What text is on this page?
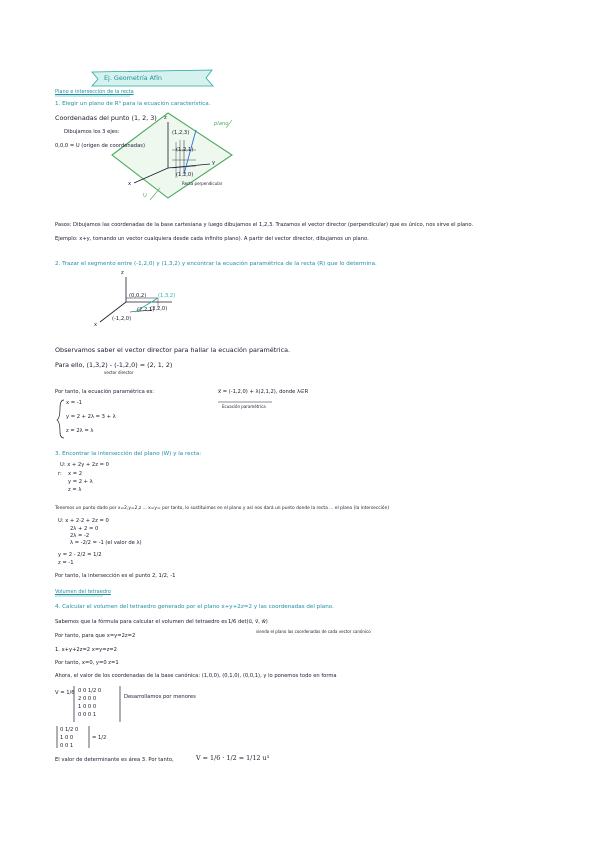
Ej. Geometría Afín
Plano e intersección de la recta
1. Elegir un plano de R³ para la ecuación característica.
Coordenadas del punto (1, 2, 3)
Dibujamos los 3 ejes:
0,0,0 = U (origen de coordenadas)
plano
(1,2,3)
(1,2,1)
z
y
x
U
(1,2,0)
Recta perpendicular
Pasos: Dibujamos las coordenadas de la base cartesiana y luego dibujamos el 1,2,3. Trazamos el vector director (perpendicular) que es único, nos sirve el plano.
Ejemplo: x+y, tomando un vector cualquiera desde cada infinito plano). A partir del vector director, dibujamos un plano.
2. Trazar el segmento entre (-1,2,0) y (1,3,2) y encontrar la ecuación paramétrica de la recta (R) que lo determina.
z
x
(0,0,2) (1,3,2)
(-1,2,0)
(3,2,0)
(2,2,1)
Observamos saber el vector director para hallar la ecuación paramétrica.
Para ello, (1,3,2) - (-1,2,0) = (2, 1, 2)
vector director
Por tanto, la ecuación paramétrica es:	x⃗ = (-1,2,0) + λ(2,1,2), donde λ∈R
Ecuación paramétrica
x = -1
y = 2 + 2λ = 3 + λ
z = 2λ = λ
3. Encontrar la intersección del plano (W) y la recta:
U: x + 2y + 2z = 0
r: x = 2
y = 2 + λ
z = λ
Tenemos un punto dado por x=2,y=2,z ... x=y= por tanto, lo sustituimos en el plano y así nos dará un punto donde la recta ... el plano (la intersección)
U: x + 2·2 + 2z = 0
2λ + 2 = 0
2λ = -2
λ = -2/2 = -1 (el valor de λ)
y = 2 - 2/2 = 1/2
z = -1
Por tanto, la intersección es el punto 2, 1/2, -1
Volumen del tetraedro
4. Calcular el volumen del tetraedro generado por el plano x+y+2z=2 y las coordenadas del plano.
Sabemos que la fórmula para calcular el volumen del tetraedro es 1/6 det(u⃗, v⃗, w⃗)
siendo el plano las coordenadas de cada vector canónico
Por tanto, para que x=y=2z=2
1. x+y+2z=2 x=y=z=2
Por tanto, x=0, y=0 z=1
Ahora, el valor de los coordenadas de la base canónica: (1,0,0), (0,1,0), (0,0,1), y lo ponemos todo en forma
V = 1/6 0 0 1/2 0
2 0 0 0
1 0 0 0
0 0 0 1
Desarrollamos por menores
0 1/2 0
1 0 0
0 0 1
= 1/2
El valor de determinante es área 3. Por tanto,	V = 1/6 · 1/2 = 1/12 u³
